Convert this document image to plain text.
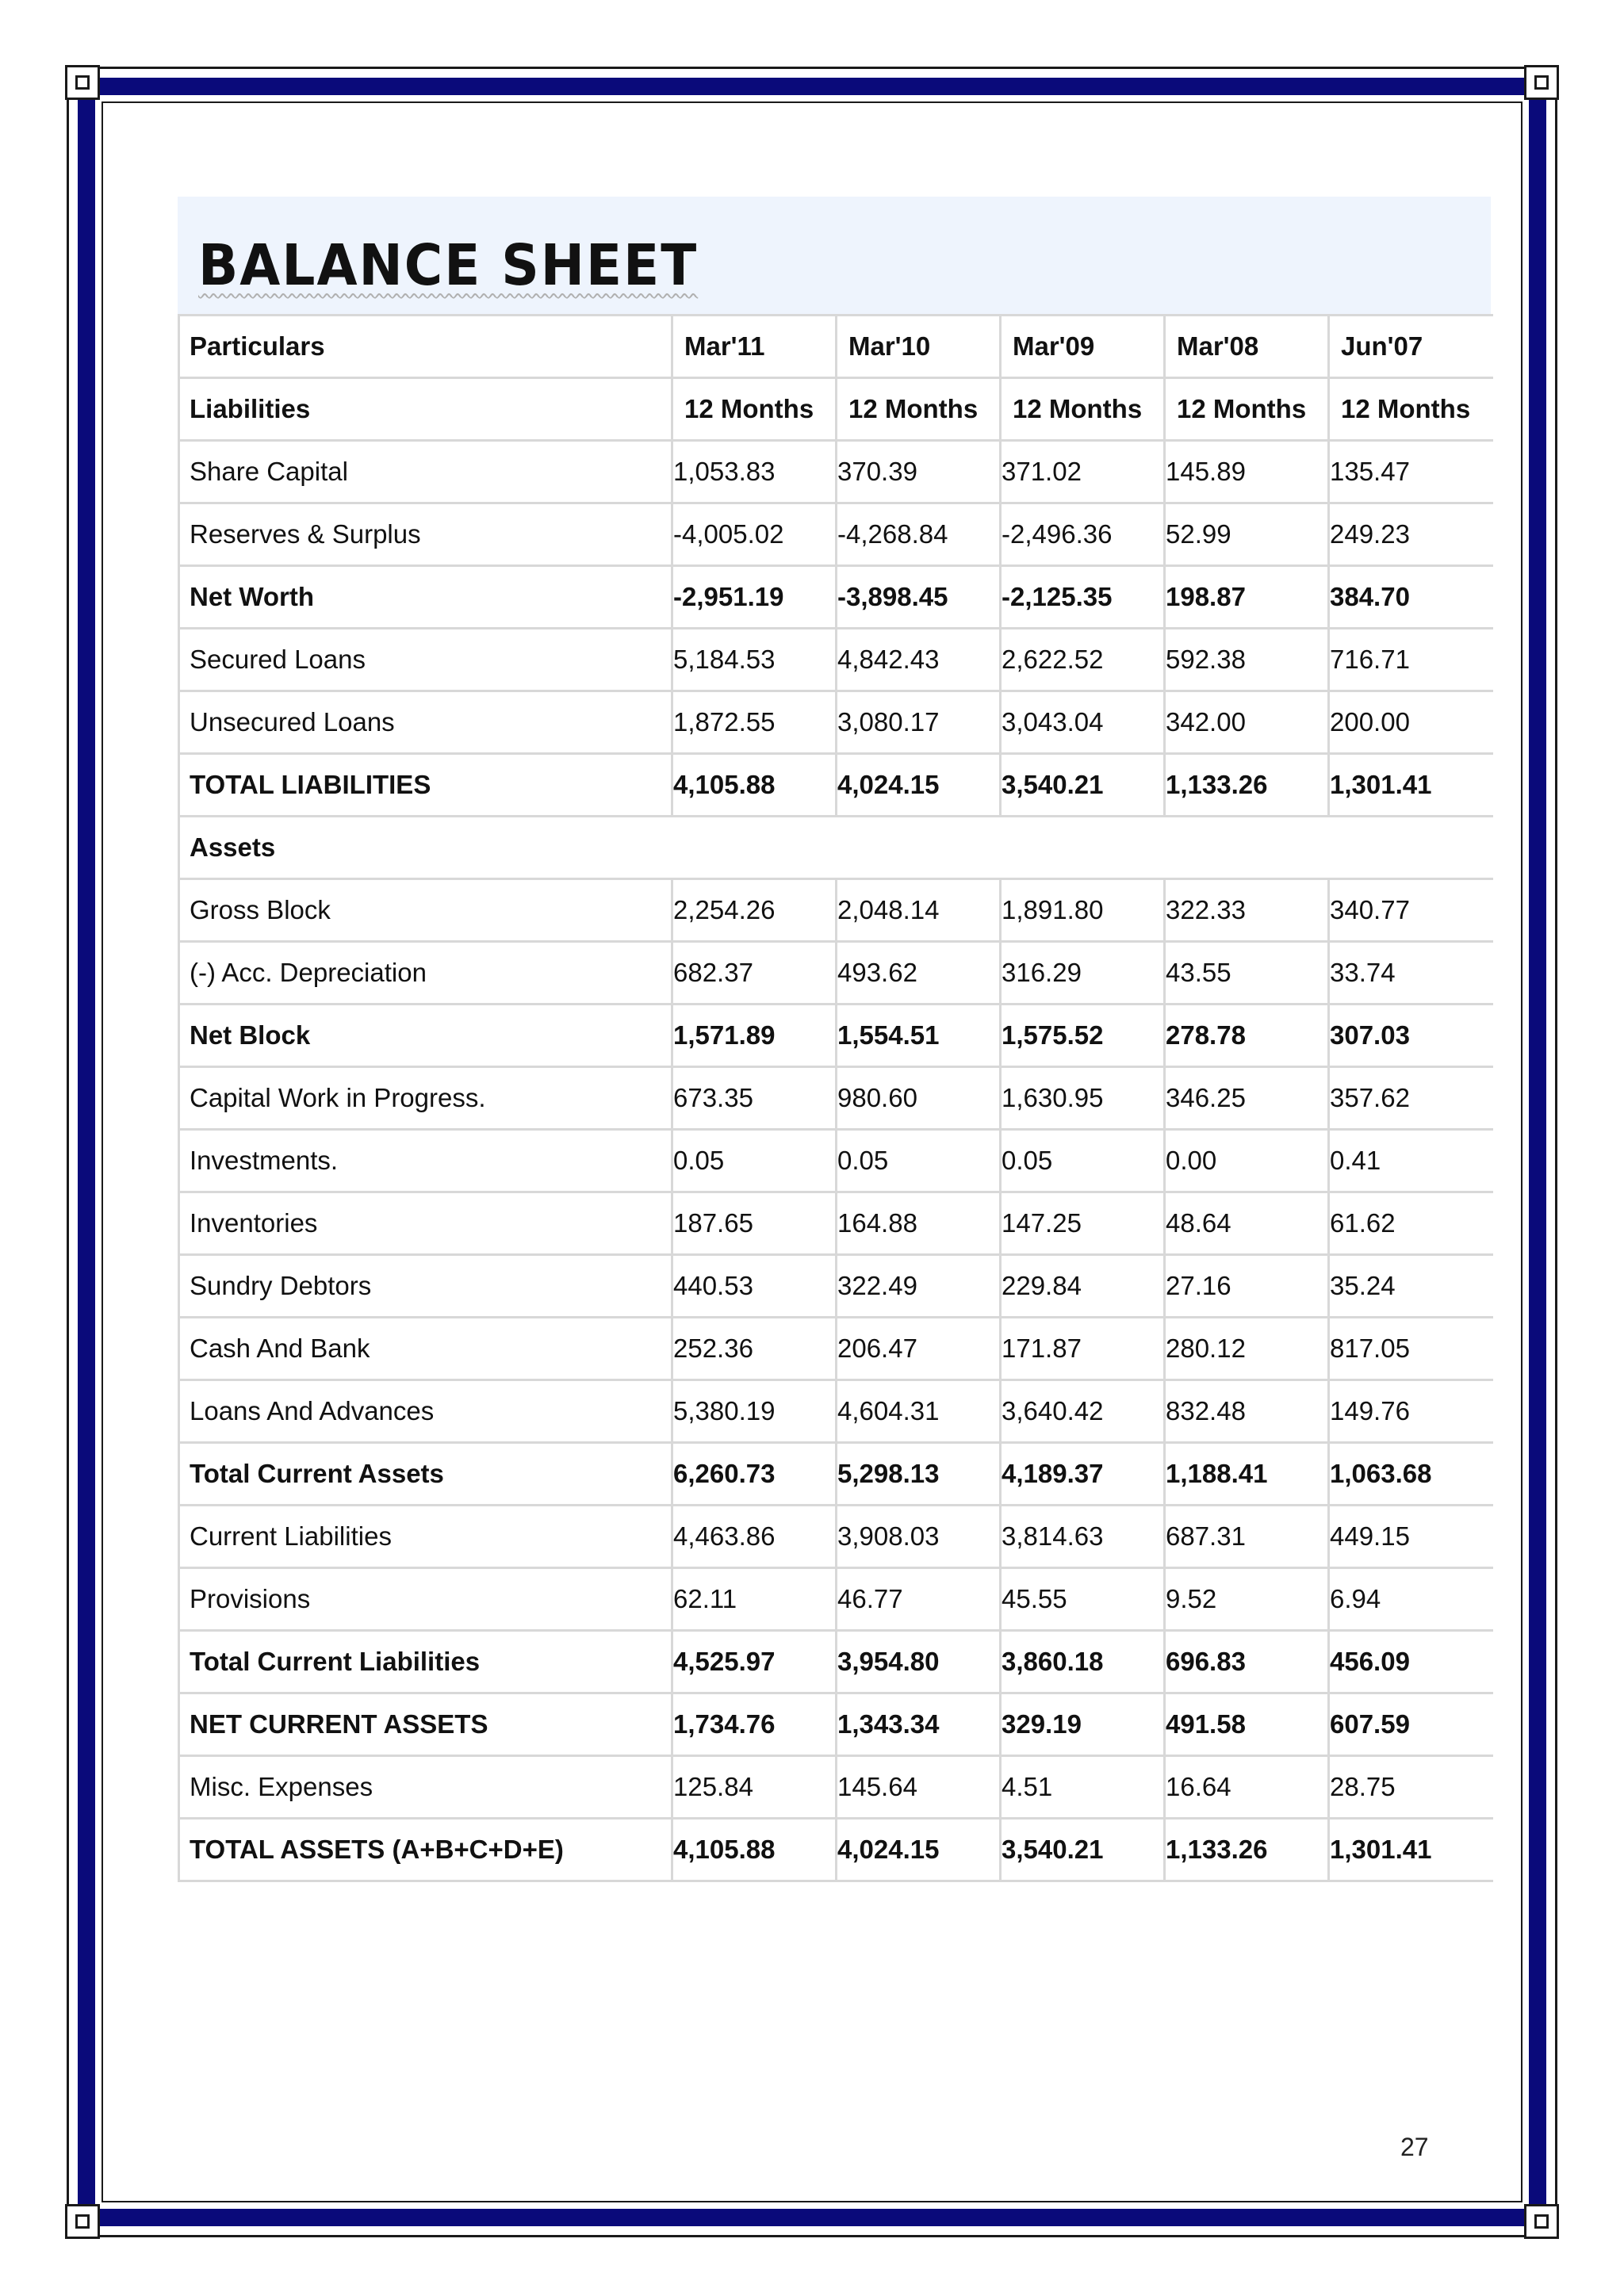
BALANCE SHEET
Particulars	Mar'11	Mar'10	Mar'09	Mar'08	Jun'07
Liabilities	12 Months	12 Months	12 Months	12 Months	12 Months
Share Capital	1,053.83	370.39	371.02	145.89	135.47
Reserves & Surplus	-4,005.02	-4,268.84	-2,496.36	52.99	249.23
Net Worth	-2,951.19	-3,898.45	-2,125.35	198.87	384.70
Secured Loans	5,184.53	4,842.43	2,622.52	592.38	716.71
Unsecured Loans	1,872.55	3,080.17	3,043.04	342.00	200.00
TOTAL LIABILITIES	4,105.88	4,024.15	3,540.21	1,133.26	1,301.41
Assets					
Gross Block	2,254.26	2,048.14	1,891.80	322.33	340.77
(-) Acc. Depreciation	682.37	493.62	316.29	43.55	33.74
Net Block	1,571.89	1,554.51	1,575.52	278.78	307.03
Capital Work in Progress.	673.35	980.60	1,630.95	346.25	357.62
Investments.	0.05	0.05	0.05	0.00	0.41
Inventories	187.65	164.88	147.25	48.64	61.62
Sundry Debtors	440.53	322.49	229.84	27.16	35.24
Cash And Bank	252.36	206.47	171.87	280.12	817.05
Loans And Advances	5,380.19	4,604.31	3,640.42	832.48	149.76
Total Current Assets	6,260.73	5,298.13	4,189.37	1,188.41	1,063.68
Current Liabilities	4,463.86	3,908.03	3,814.63	687.31	449.15
Provisions	62.11	46.77	45.55	9.52	6.94
Total Current Liabilities	4,525.97	3,954.80	3,860.18	696.83	456.09
NET CURRENT ASSETS	1,734.76	1,343.34	329.19	491.58	607.59
Misc. Expenses	125.84	145.64	4.51	16.64	28.75
TOTAL ASSETS (A+B+C+D+E)	4,105.88	4,024.15	3,540.21	1,133.26	1,301.41
27
